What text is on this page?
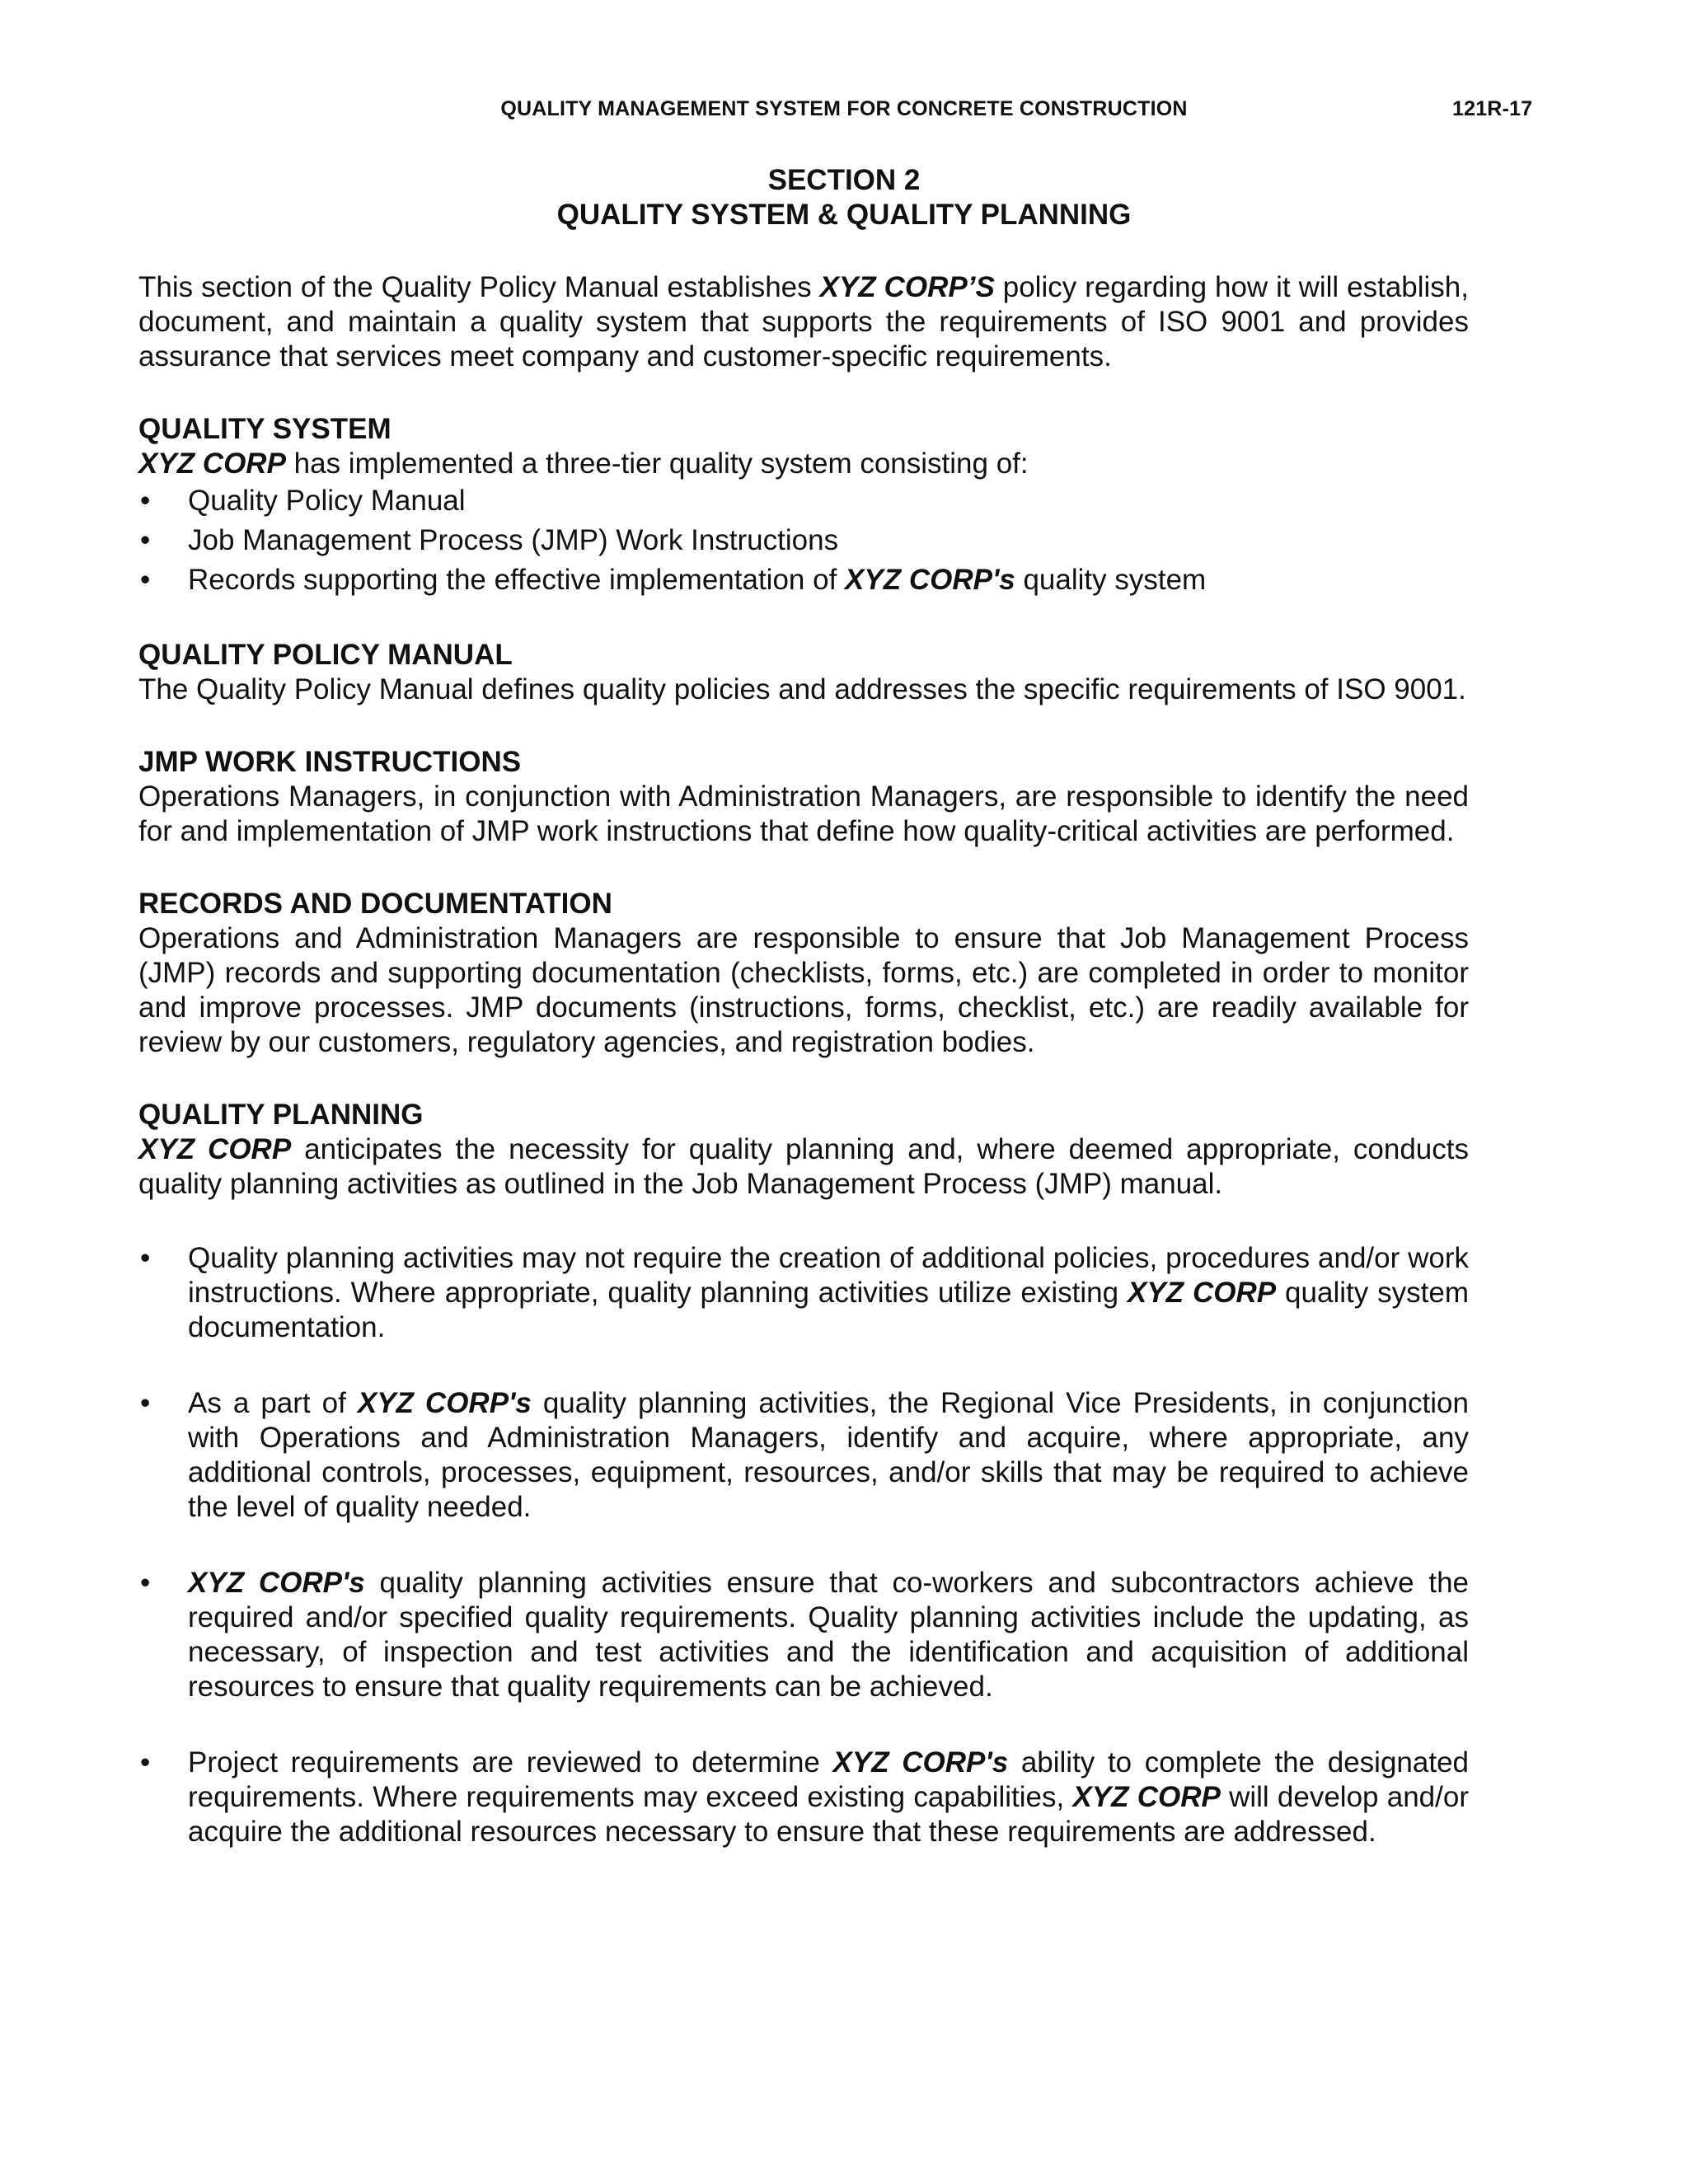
QUALITY MANAGEMENT SYSTEM FOR CONCRETE CONSTRUCTION	121R-17
SECTION 2
QUALITY SYSTEM & QUALITY PLANNING

This section of the Quality Policy Manual establishes XYZ CORP’S policy regarding how it will establish, document, and maintain a quality system that supports the requirements of ISO 9001 and provides assurance that services meet company and customer-specific requirements.

QUALITY SYSTEM

XYZ CORP has implemented a three-tier quality system consisting of:

• Quality Policy Manual
• Job Management Process (JMP) Work Instructions
• Records supporting the effective implementation of XYZ CORP's quality system
QUALITY POLICY MANUAL

The Quality Policy Manual defines quality policies and addresses the specific requirements of ISO 9001.

JMP WORK INSTRUCTIONS

Operations Managers, in conjunction with Administration Managers, are responsible to identify the need for and implementation of JMP work instructions that define how quality-critical activities are performed.

RECORDS AND DOCUMENTATION

Operations and Administration Managers are responsible to ensure that Job Management Process (JMP) records and supporting documentation (checklists, forms, etc.) are completed in order to monitor and improve processes. JMP documents (instructions, forms, checklist, etc.) are readily available for review by our customers, regulatory agencies, and registration bodies.

QUALITY PLANNING

XYZ CORP anticipates the necessity for quality planning and, where deemed appropriate, conducts quality planning activities as outlined in the Job Management Process (JMP) manual.

• Quality planning activities may not require the creation of additional policies, procedures and/or work instructions. Where appropriate, quality planning activities utilize existing XYZ CORP quality system documentation.
• As a part of XYZ CORP's quality planning activities, the Regional Vice Presidents, in conjunction with Operations and Administration Managers, identify and acquire, where appropriate, any additional controls, processes, equipment, resources, and/or skills that may be required to achieve the level of quality needed.
• XYZ CORP's quality planning activities ensure that co-workers and subcontractors achieve the required and/or specified quality requirements. Quality planning activities include the updating, as necessary, of inspection and test activities and the identification and acquisition of additional resources to ensure that quality requirements can be achieved.
• Project requirements are reviewed to determine XYZ CORP's ability to complete the designated requirements. Where requirements may exceed existing capabilities, XYZ CORP will develop and/or acquire the additional resources necessary to ensure that these requirements are addressed.
